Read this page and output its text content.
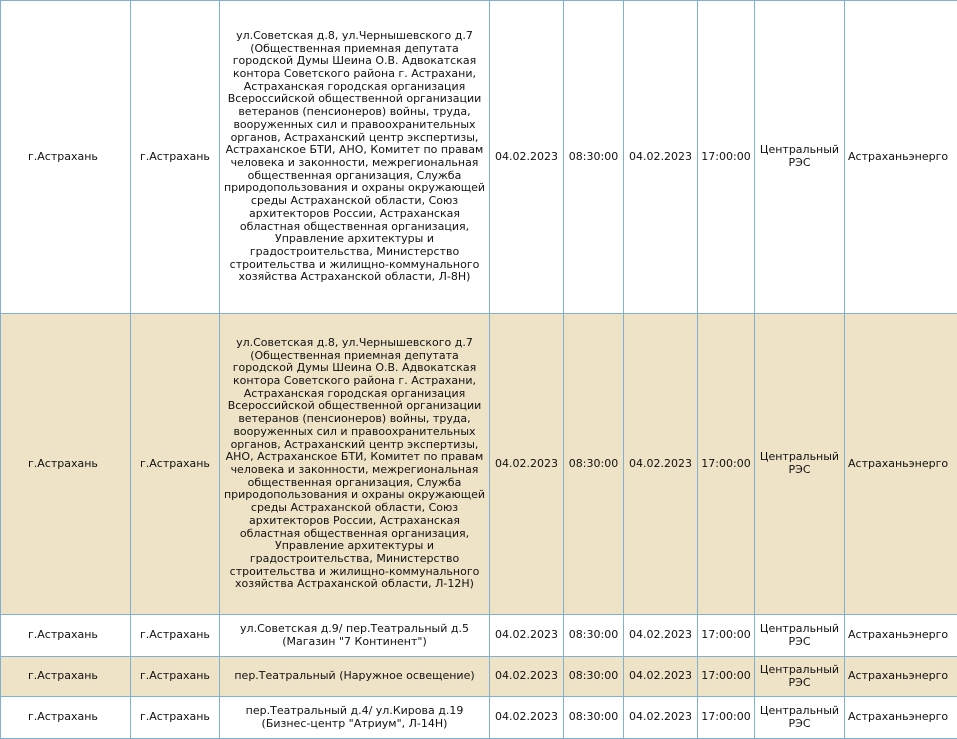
г.Астрахань	г.Астрахань	ул.Советская д.8, ул.Чернышевского д.7 (Общественная приемная депутата городской Думы Шеина О.В. Адвокатская контора Советского района г. Астрахани, Астраханская городская организация Всероссийской общественной организации ветеранов (пенсионеров) войны, труда, вооруженных сил и правоохранительных органов, Астраханский центр экспертизы, Астраханское БТИ, АНО, Комитет по правам человека и законности, межрегиональная общественная организация, Служба природопользования и охраны окружающей среды Астраханской области, Союз архитекторов России, Астраханская областная общественная организация, Управление архитектуры и градостроительства, Министерство строительства и жилищно-коммунального хозяйства Астраханской области, Л-8Н)	04.02.2023	08:30:00	04.02.2023	17:00:00	Центральный РЭС	Астраханьэнерго
г.Астрахань	г.Астрахань	ул.Советская д.8, ул.Чернышевского д.7 (Общественная приемная депутата городской Думы Шеина О.В. Адвокатская контора Советского района г. Астрахани, Астраханская городская организация Всероссийской общественной организации ветеранов (пенсионеров) войны, труда, вооруженных сил и правоохранительных органов, Астраханский центр экспертизы, АНО, Астраханское БТИ, Комитет по правам человека и законности, межрегиональная общественная организация, Служба природопользования и охраны окружающей среды Астраханской области, Союз архитекторов России, Астраханская областная общественная организация, Управление архитектуры и градостроительства, Министерство строительства и жилищно-коммунального хозяйства Астраханской области, Л-12Н)	04.02.2023	08:30:00	04.02.2023	17:00:00	Центральный РЭС	Астраханьэнерго
г.Астрахань	г.Астрахань	ул.Советская д.9/ пер.Театральный д.5 (Магазин "7 Континент")	04.02.2023	08:30:00	04.02.2023	17:00:00	Центральный РЭС	Астраханьэнерго
г.Астрахань	г.Астрахань	пер.Театральный (Наружное освещение)	04.02.2023	08:30:00	04.02.2023	17:00:00	Центральный РЭС	Астраханьэнерго
г.Астрахань	г.Астрахань	пер.Театральный д.4/ ул.Кирова д.19 (Бизнес-центр "Атриум", Л-14Н)	04.02.2023	08:30:00	04.02.2023	17:00:00	Центральный РЭС	Астраханьэнерго
